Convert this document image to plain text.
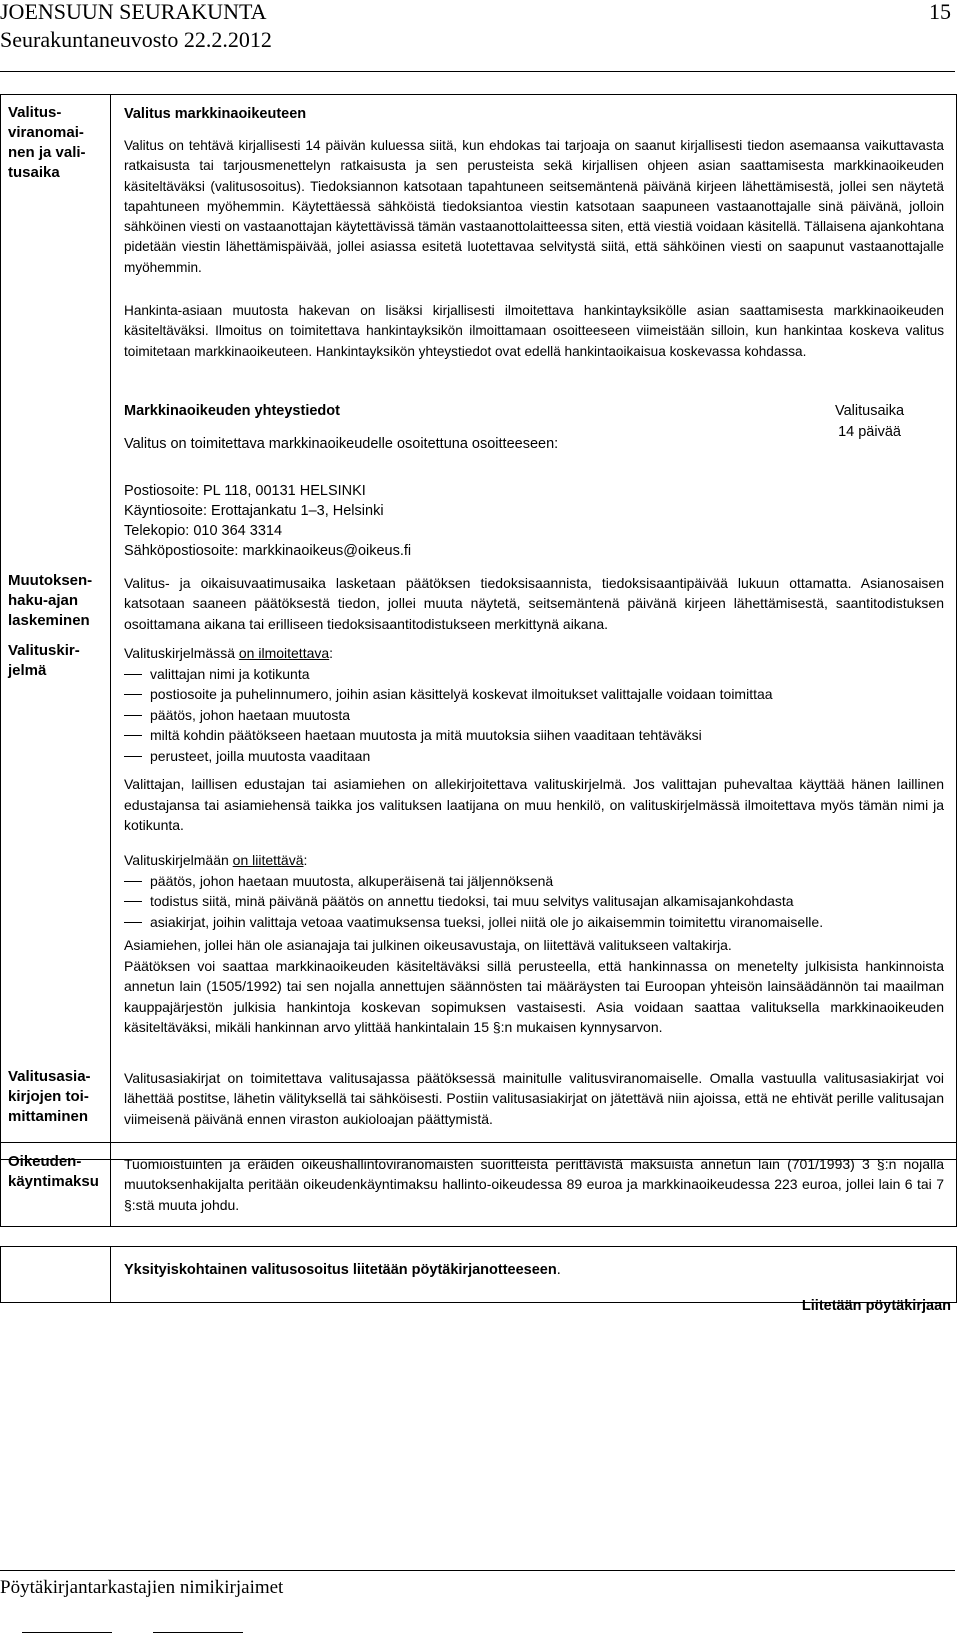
JOENSUUN SEURAKUNTA
Seurakuntaneuvosto 22.2.2012
15
Valitus-
viranomai-
nen ja vali-
tusaika
Valitus markkinaoikeuteen
Valitus on tehtävä kirjallisesti 14 päivän kuluessa siitä, kun ehdokas tai tarjoaja on saanut kirjallisesti tiedon asemaansa vaikuttavasta ratkaisusta tai tarjousmenettelyn ratkaisusta ja sen perusteista sekä kirjallisen ohjeen asian saattamisesta markkinaoikeuden käsiteltäväksi (valitusosoitus). Tiedoksiannon katsotaan tapahtuneen seitsemäntenä päivänä kirjeen lähettämisestä, jollei sen näytetä tapahtuneen myöhemmin. Käytettäessä sähköistä tiedoksiantoa viestin katsotaan saapuneen vastaanottajalle sinä päivänä, jolloin sähköinen viesti on vastaanottajan käytettävissä tämän vastaanottolaitteessa siten, että viestiä voidaan käsitellä. Tällaisena ajankohtana pidetään viestin lähettämispäivää, jollei asiassa esitetä luotettavaa selvitystä siitä, että sähköinen viesti on saapunut vastaanottajalle myöhemmin.
Hankinta-asiaan muutosta hakevan on lisäksi kirjallisesti ilmoitettava hankintayksikölle asian saattamisesta markkinaoikeuden käsiteltäväksi. Ilmoitus on toimitettava hankintayksikön ilmoittamaan osoitteeseen viimeistään silloin, kun hankintaa koskeva valitus toimitetaan markkinaoikeuteen. Hankintayksikön yhteystiedot ovat edellä hankintaoikaisua koskevassa kohdassa.

Markkinaoikeuden yhteystiedot

Valitus on toimitettava markkinaoikeudelle osoitettuna osoitteeseen:

Valitusaika
14 päivää

Postiosoite: PL 118, 00131 HELSINKI

Käyntiosoite: Erottajankatu 1–3, Helsinki

Telekopio: 010 364 3314

Sähköpostiosoite: markkinaoikeus@oikeus.fi

Muutoksen-
haku-ajan
laskeminen
Valitus- ja oikaisuvaatimusaika lasketaan päätöksen tiedoksisaannista, tiedoksisaantipäivää lukuun ottamatta. Asianosaisen katsotaan saaneen päätöksestä tiedon, jollei muuta näytetä, seitsemäntenä päivänä kirjeen lähettämisestä, saantitodistuksen osoittamana aikana tai erilliseen tiedoksisaantitodistukseen merkittynä aikana.
Valituskir-
jelmä

Valituskirjelmässä on ilmoitettava:

valittajan nimi ja kotikunta
postiosoite ja puhelinnumero, joihin asian käsittelyä koskevat ilmoitukset valittajalle voidaan toimittaa
päätös, johon haetaan muutosta
miltä kohdin päätökseen haetaan muutosta ja mitä muutoksia siihen vaaditaan tehtäväksi
perusteet, joilla muutosta vaaditaan
Valittajan, laillisen edustajan tai asiamiehen on allekirjoitettava valituskirjelmä. Jos valittajan puhevaltaa käyttää hänen laillinen edustajansa tai asiamiehensä taikka jos valituksen laatijana on muu henkilö, on valituskirjelmässä ilmoitettava myös tämän nimi ja kotikunta.

Valituskirjelmään on liitettävä:

päätös, johon haetaan muutosta, alkuperäisenä tai jäljennöksenä
todistus siitä, minä päivänä päätös on annettu tiedoksi, tai muu selvitys valitusajan alkamisajankohdasta
asiakirjat, joihin valittaja vetoaa vaatimuksensa tueksi, jollei niitä ole jo aikaisemmin toimitettu viranomaiselle.

Asiamiehen, jollei hän ole asianajaja tai julkinen oikeusavustaja, on liitettävä valitukseen valtakirja.

Päätöksen voi saattaa markkinaoikeuden käsiteltäväksi sillä perusteella, että hankinnassa on menetelty julkisista hankinnoista annetun lain (1505/1992) tai sen nojalla annettujen säännösten tai määräysten tai Euroopan yhteisön lainsäädännön tai maailman kauppajärjestön julkisia hankintoja koskevan sopimuksen vastaisesti. Asia voidaan saattaa valituksella markkinaoikeuden käsiteltäväksi, mikäli hankinnan arvo ylittää hankintalain 15 §:n mukaisen kynnysarvon.

Valitusasia-
kirjojen toi-
mittaminen
Valitusasiakirjat on toimitettava valitusajassa päätöksessä mainitulle valitusviranomaiselle. Omalla vastuulla valitusasiakirjat voi lähettää postitse, lähetin välityksellä tai sähköisesti. Postiin valitusasiakirjat on jätettävä niin ajoissa, että ne ehtivät perille valitusajan viimeisenä päivänä ennen viraston aukioloajan päättymistä.
Oikeuden-
käyntimaksu
Tuomioistuinten ja eräiden oikeushallintoviranomaisten suoritteista perittävistä maksuista annetun lain (701/1993) 3 §:n nojalla muutoksenhakijalta peritään oikeudenkäyntimaksu hallinto-oikeudessa 89 euroa ja markkinaoikeudessa 223 euroa, jollei lain 6 tai 7 §:stä muuta johdu.
Yksityiskohtainen valitusosoitus liitetään pöytäkirjanotteeseen.
Liitetään pöytäkirjaan
Pöytäkirjantarkastajien nimikirjaimet
